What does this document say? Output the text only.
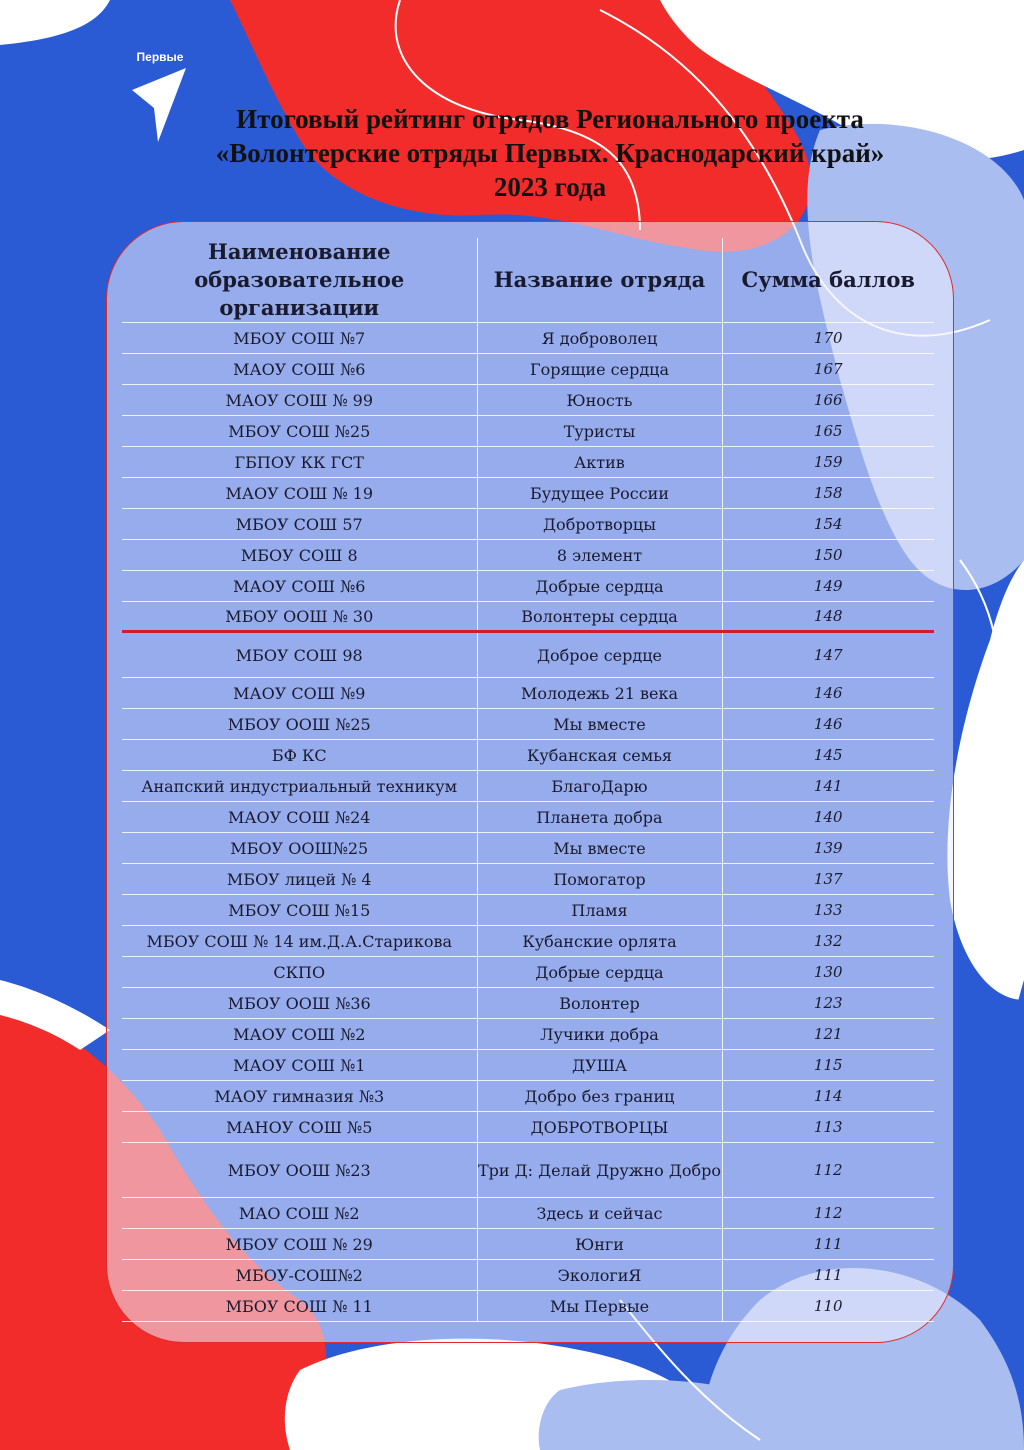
Первые
Итоговый рейтинг отрядов Регионального проекта
«Волонтерские отряды Первых. Краснодарский край»
2023 года
Наименование образовательное организации	Название отряда	Сумма баллов
МБОУ СОШ №7	Я доброволец	170
МАОУ СОШ №6	Горящие сердца	167
МАОУ СОШ № 99	Юность	166
МБОУ СОШ №25	Туристы	165
ГБПОУ КК ГСТ	Актив	159
МАОУ СОШ № 19	Будущее России	158
МБОУ СОШ 57	Добротворцы	154
МБОУ СОШ 8	8 элемент	150
МАОУ СОШ №6	Добрые сердца	149
МБОУ ООШ № 30	Волонтеры сердца	148
МБОУ СОШ 98	Доброе сердце	147
МАОУ СОШ №9	Молодежь 21 века	146
МБОУ ООШ №25	Мы вместе	146
БФ КС	Кубанская семья	145
Анапский индустриальный техникум	БлагоДарю	141
МАОУ СОШ №24	Планета добра	140
МБОУ ООШ№25	Мы вместе	139
МБОУ лицей № 4	Помогатор	137
МБОУ СОШ №15	Пламя	133
МБОУ СОШ № 14 им.Д.А.Старикова	Кубанские орлята	132
СКПО	Добрые сердца	130
МБОУ ООШ №36	Волонтер	123
МАОУ СОШ №2	Лучики добра	121
МАОУ СОШ №1	ДУША	115
МАОУ гимназия №3	Добро без границ	114
МАНОУ СОШ №5	ДОБРОТВОРЦЫ	113
МБОУ ООШ №23	Три Д: Делай Дружно Добро	112
МАО СОШ №2	Здесь и сейчас	112
МБОУ СОШ № 29	Юнги	111
МБОУ-СОШ№2	ЭкологиЯ	111
МБОУ СОШ № 11	Мы Первые	110
